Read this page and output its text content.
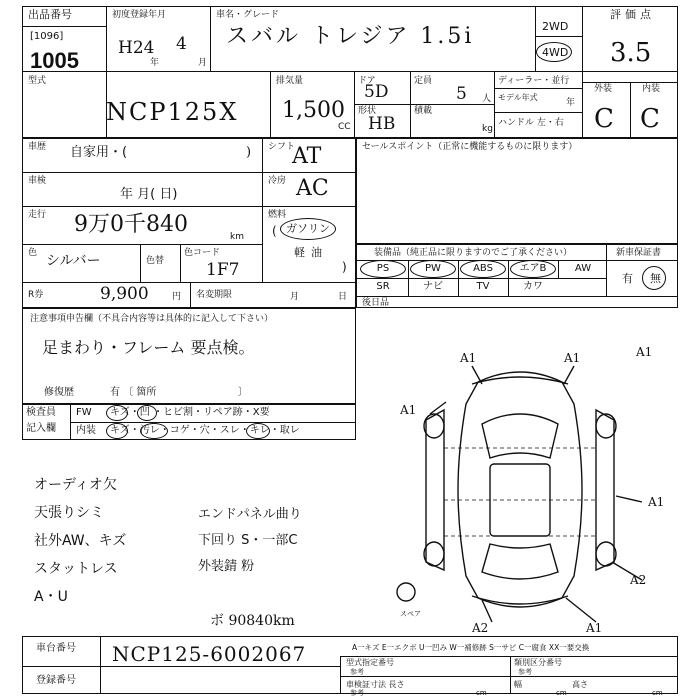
出品番号
[1096]
1005
初度登録年月
H24
年
4
月
車名・グレード
スバル トレジア 1.5i	2WD
4WD
評価点
3.5
型式
NCP125X
排気量
1,500
CC
ドア
5D
定員
5 人
形状
HB
積載
kg
ディーラー・並行
モデル年式
年
ハンドル 左・右
外装	内装
C C
車歴 自家用・(	) シフト
AT
車検
年 月( 日)
冷房 AC
走行 9万0千840	km
燃料
( ガソリン
軽油
)
色 シルバー	色替
色コード
1F7
R券	9,900	円 名変期限	月	日
セールスポイント（正常に機能するものに限ります）
装備品（純正品に限りますのでご了承ください）	新車保証書
有 無
PS	PW	ABS	エアB	AW
SR	ナビ	TV	カワ
後日品
注意事項申告欄（不具合内容等は具体的に記入して下さい）
足まわり・フレーム 要点検。
修復歴	有 〔 箇所	〕
検査員
記入欄
FW キズ・凹 ・ヒビ割・リペア跡・X要
内装 キズ・汚レ・コゲ・穴・スレ・キレ・取レ
オーディオ欠
天張りシミ
社外AW、キズ
スタットレス
A・U
エンドパネル曲り
下回り S・一部C
外装錆 粉
ボ 90840km
A1	A1
A1
A1
A1
A2
A2	A1
スペア
車台番号 NCP125-6002067
登録番号
A一キズ E一エクボ U一凹み W一補修跡 S一サビ C一腐食 XX一要交換
型式指定番号
参考
類別区分番号
参考
車検証寸法 長さ
参考	cm
幅
cm
高さ
cm
